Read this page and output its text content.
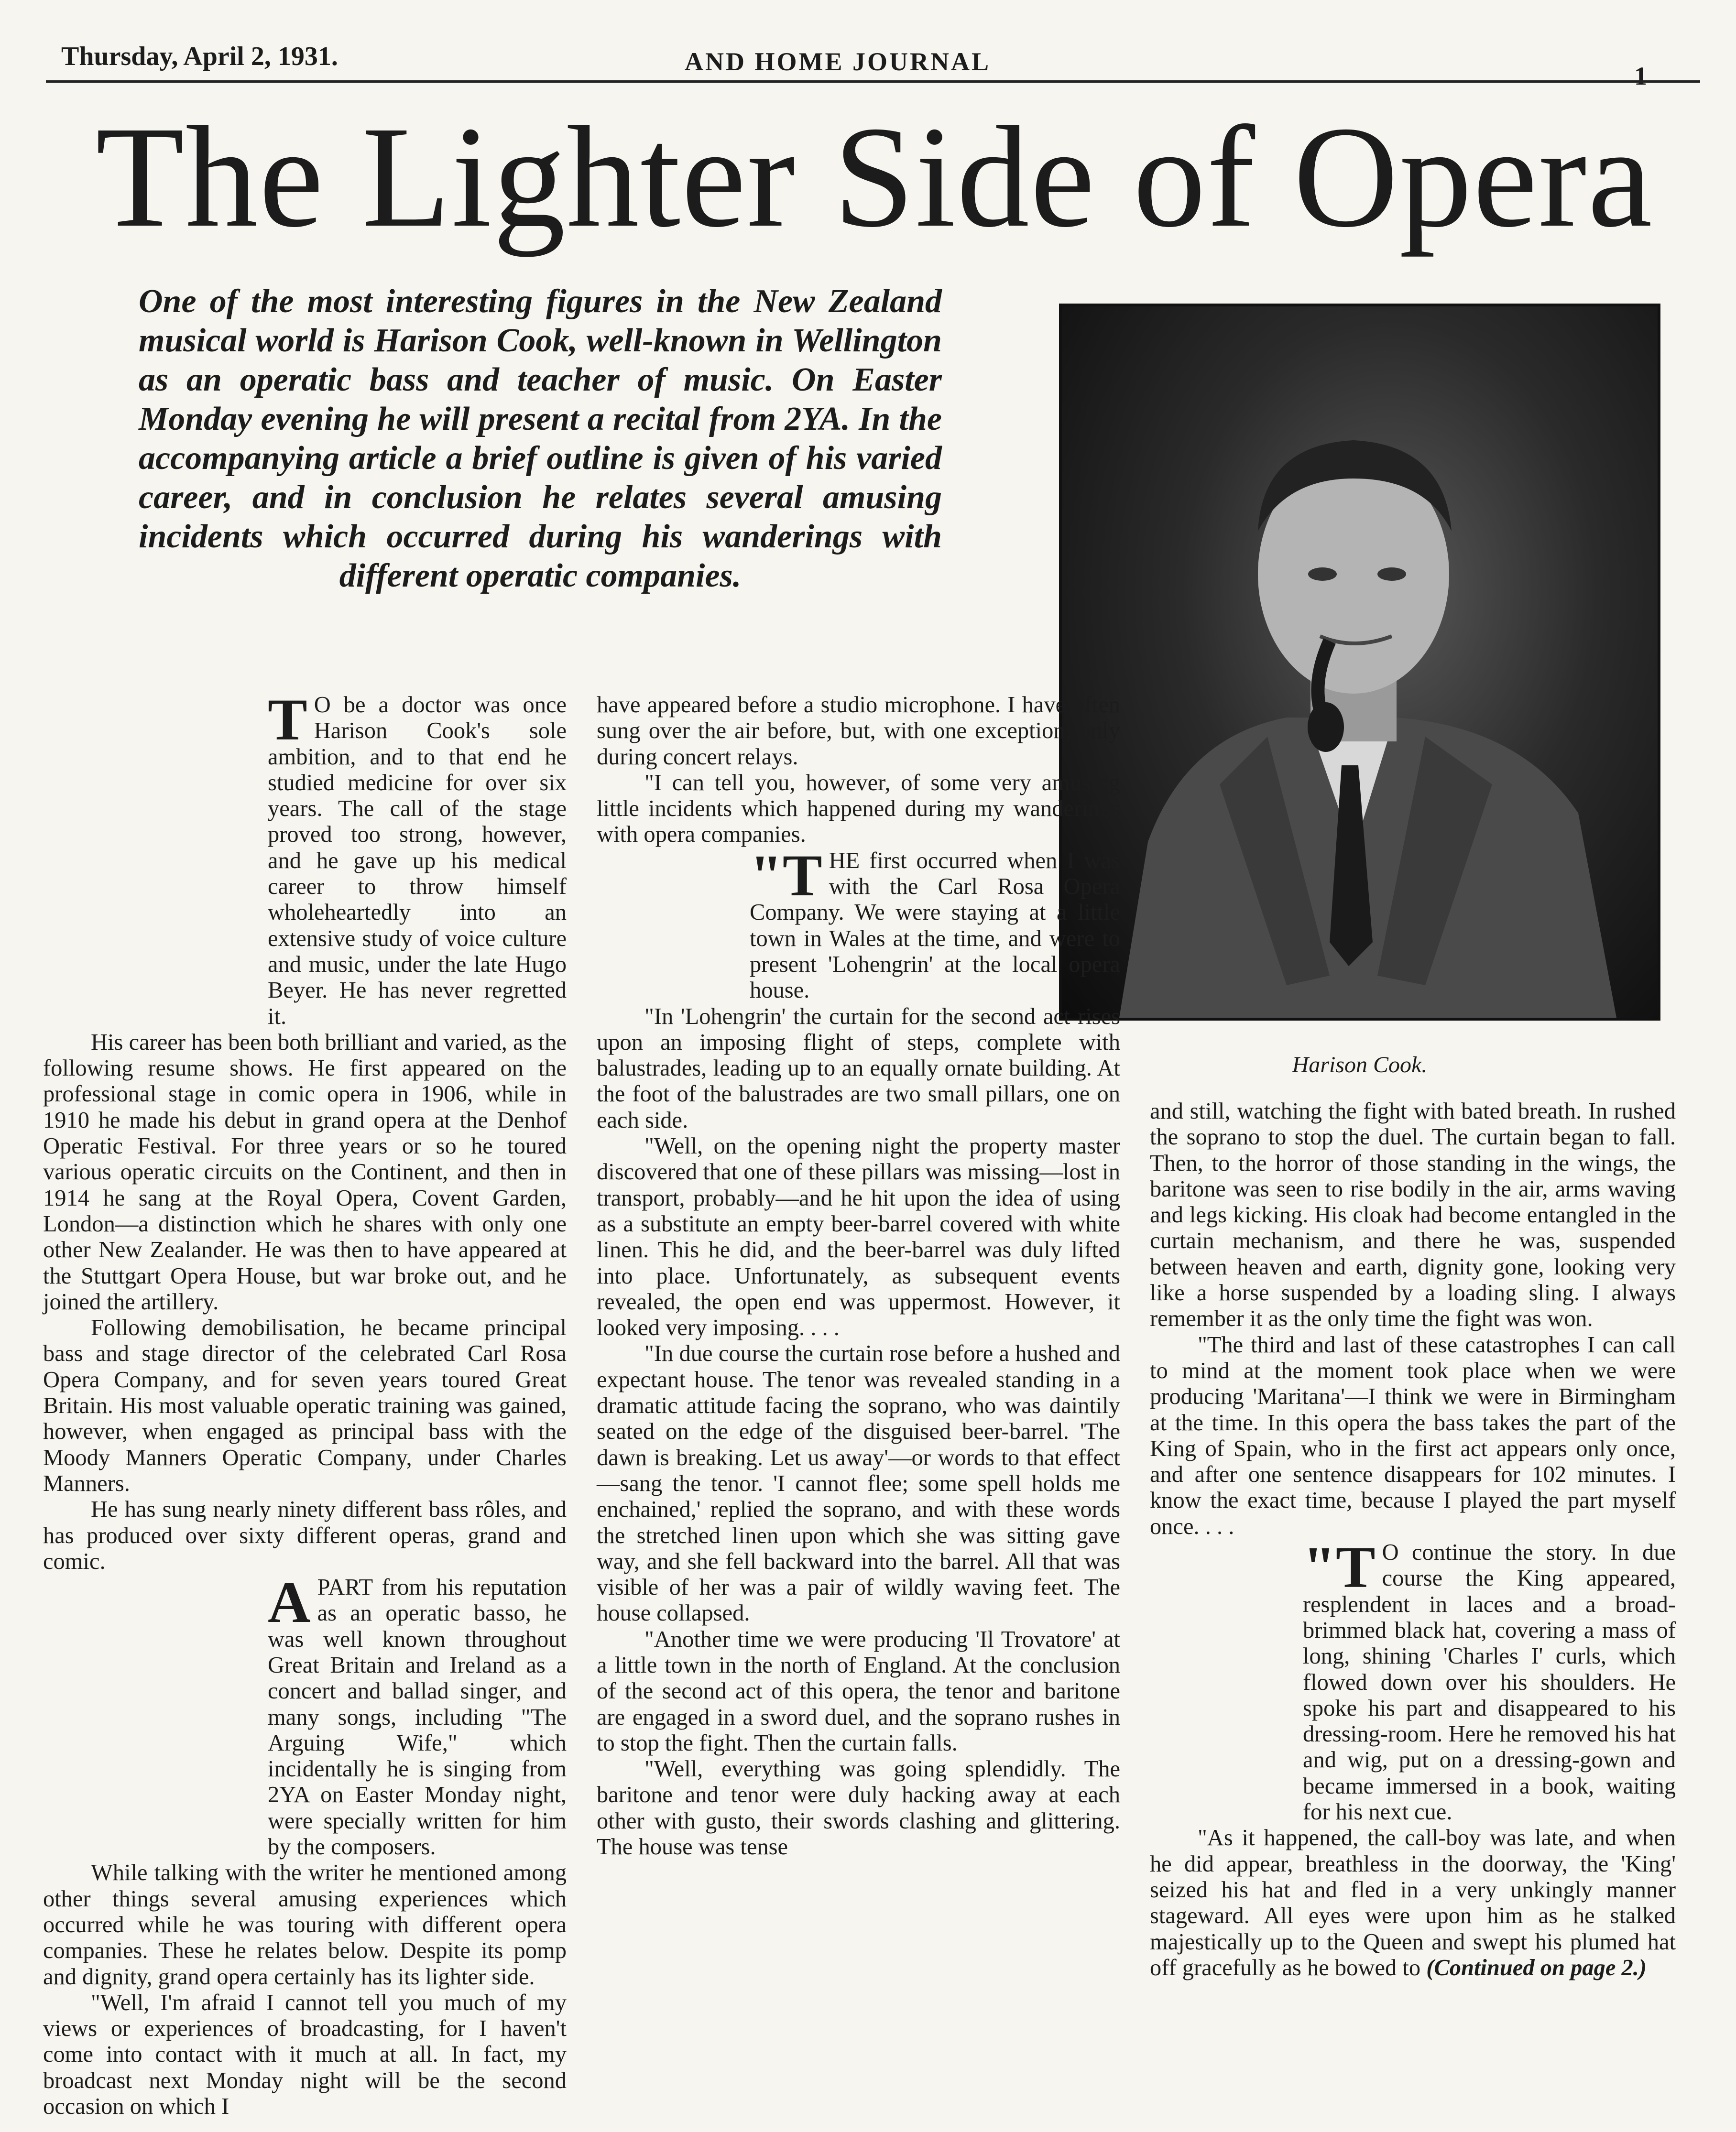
Thursday, April 2, 1931.	AND HOME JOURNAL	1
The Lighter Side of Opera
One of the most interesting figures in the New Zealand musical world is Harison Cook, well-known in Wellington as an operatic bass and teacher of music. On Easter Monday evening he will present a recital from 2YA. In the accompanying article a brief outline is given of his varied career, and in conclusion he relates several amusing incidents which occurred during his wanderings with different operatic companies.
Harison Cook.

T O be a doctor was once Harison Cook's sole ambition, and to that end he studied medicine for over six years. The call of the stage proved too strong, however, and he gave up his medical career to throw himself wholeheartedly into an extensive study of voice culture and music, under the late Hugo Beyer. He has never regretted it.

His career has been both brilliant and varied, as the following resume shows. He first appeared on the professional stage in comic opera in 1906, while in 1910 he made his debut in grand opera at the Denhof Operatic Festival. For three years or so he toured various operatic circuits on the Continent, and then in 1914 he sang at the Royal Opera, Covent Garden, London—a distinction which he shares with only one other New Zealander. He was then to have appeared at the Stuttgart Opera House, but war broke out, and he joined the artillery.

Following demobilisation, he became principal bass and stage director of the celebrated Carl Rosa Opera Company, and for seven years toured Great Britain. His most valuable operatic training was gained, however, when engaged as principal bass with the Moody Manners Operatic Company, under Charles Manners.

He has sung nearly ninety different bass rôles, and has produced over sixty different operas, grand and comic.

APART from his reputation as an operatic basso, he was well known throughout Great Britain and Ireland as a concert and ballad singer, and many songs, including "The Arguing Wife," which incidentally he is singing from 2YA on Easter Monday night, were specially written for him by the composers.

While talking with the writer he mentioned among other things several amusing experiences which occurred while he was touring with different opera companies. These he relates below. Despite its pomp and dignity, grand opera certainly has its lighter side.

"Well, I'm afraid I cannot tell you much of my views or experiences of broadcasting, for I haven't come into contact with it much at all. In fact, my broadcast next Monday night will be the second occasion on which I

have appeared before a studio microphone. I have often sung over the air before, but, with one exception, only during concert relays.

"I can tell you, however, of some very amusing little incidents which happened during my wanderings with opera companies.

"THE first occurred when I was with the Carl Rosa Opera Company. We were staying at a little town in Wales at the time, and were to present 'Lohengrin' at the local opera house.

"In 'Lohengrin' the curtain for the second act rises upon an imposing flight of steps, complete with balustrades, leading up to an equally ornate building. At the foot of the balustrades are two small pillars, one on each side.

"Well, on the opening night the property master discovered that one of these pillars was missing—lost in transport, probably—and he hit upon the idea of using as a substitute an empty beer-barrel covered with white linen. This he did, and the beer-barrel was duly lifted into place. Unfortunately, as subsequent events revealed, the open end was uppermost. However, it looked very imposing. . . .

"In due course the curtain rose before a hushed and expectant house. The tenor was revealed standing in a dramatic attitude facing the soprano, who was daintily seated on the edge of the disguised beer-barrel. 'The dawn is breaking. Let us away'—or words to that effect—sang the tenor. 'I cannot flee; some spell holds me enchained,' replied the soprano, and with these words the stretched linen upon which she was sitting gave way, and she fell backward into the barrel. All that was visible of her was a pair of wildly waving feet. The house collapsed.

"Another time we were producing 'Il Trovatore' at a little town in the north of England. At the conclusion of the second act of this opera, the tenor and baritone are engaged in a sword duel, and the soprano rushes in to stop the fight. Then the curtain falls.

"Well, everything was going splendidly. The baritone and tenor were duly hacking away at each other with gusto, their swords clashing and glittering. The house was tense

and still, watching the fight with bated breath. In rushed the soprano to stop the duel. The curtain began to fall. Then, to the horror of those standing in the wings, the baritone was seen to rise bodily in the air, arms waving and legs kicking. His cloak had become entangled in the curtain mechanism, and there he was, suspended between heaven and earth, dignity gone, looking very like a horse suspended by a loading sling. I always remember it as the only time the fight was won.

"The third and last of these catastrophes I can call to mind at the moment took place when we were producing 'Maritana'—I think we were in Birmingham at the time. In this opera the bass takes the part of the King of Spain, who in the first act appears only once, and after one sentence disappears for 102 minutes. I know the exact time, because I played the part myself once. . . .

"T O continue the story. In due course the King appeared, resplendent in laces and a broad-brimmed black hat, covering a mass of long, shining 'Charles I' curls, which flowed down over his shoulders. He spoke his part and disappeared to his dressing-room. Here he removed his hat and wig, put on a dressing-gown and became immersed in a book, waiting for his next cue.

"As it happened, the call-boy was late, and when he did appear, breathless in the doorway, the 'King' seized his hat and fled in a very unkingly manner stageward. All eyes were upon him as he stalked majestically up to the Queen and swept his plumed hat off gracefully as he bowed to (Continued on page 2.)
